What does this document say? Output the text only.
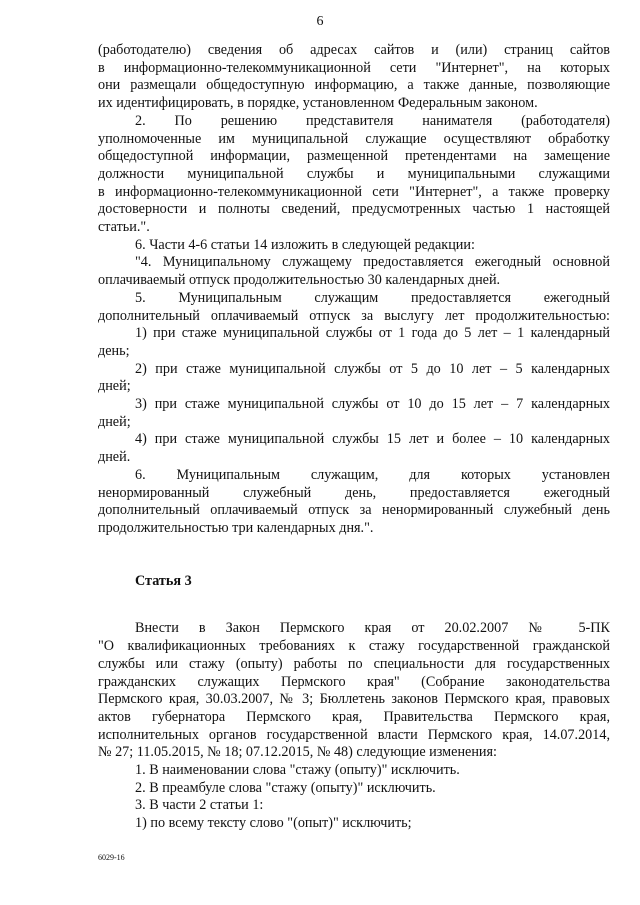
6

(работодателю) сведения об адресах сайтов и (или) страниц сайтов

в информационно-телекоммуникационной сети "Интернет", на которых

они размещали общедоступную информацию, а также данные, позволяющие

их идентифицировать, в порядке, установленном Федеральным законом.

2. По решению представителя нанимателя (работодателя)

уполномоченные им муниципальной служащие осуществляют обработку

общедоступной информации, размещенной претендентами на замещение

должности муниципальной службы и муниципальными служащими

в информационно-телекоммуникационной сети "Интернет", а также проверку

достоверности и полноты сведений, предусмотренных частью 1 настоящей

статьи.".

6. Части 4-6 статьи 14 изложить в следующей редакции:

"4. Муниципальному служащему предоставляется ежегодный основной

оплачиваемый отпуск продолжительностью 30 календарных дней.

5. Муниципальным служащим предоставляется ежегодный

дополнительный оплачиваемый отпуск за выслугу лет продолжительностью:

1) при стаже муниципальной службы от 1 года до 5 лет – 1 календарный

день;

2) при стаже муниципальной службы от 5 до 10 лет – 5 календарных

дней;

3) при стаже муниципальной службы от 10 до 15 лет – 7 календарных

дней;

4) при стаже муниципальной службы 15 лет и более – 10 календарных

дней.

6. Муниципальным служащим, для которых установлен

ненормированный служебный день, предоставляется ежегодный

дополнительный оплачиваемый отпуск за ненормированный служебный день

продолжительностью три календарных дня.".

Статья 3

Внести в Закон Пермского края от 20.02.2007 № 5-ПК

"О квалификационных требованиях к стажу государственной гражданской

службы или стажу (опыту) работы по специальности для государственных

гражданских служащих Пермского края" (Собрание законодательства

Пермского края, 30.03.2007, № 3; Бюллетень законов Пермского края, правовых

актов губернатора Пермского края, Правительства Пермского края,

исполнительных органов государственной власти Пермского края, 14.07.2014,

№ 27; 11.05.2015, № 18; 07.12.2015, № 48) следующие изменения:

1. В наименовании слова "стажу (опыту)" исключить.

2. В преамбуле слова "стажу (опыту)" исключить.

3. В части 2 статьи 1:

1) по всему тексту слово "(опыт)" исключить;

6029-16
